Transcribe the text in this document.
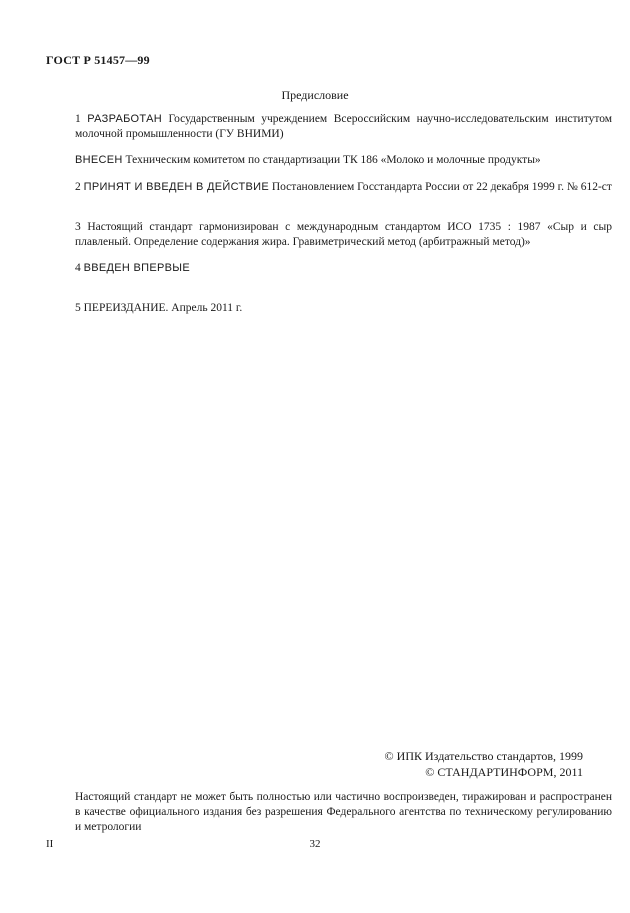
ГОСТ Р 51457—99
Предисловие
1 РАЗРАБОТАН Государственным учреждением Всероссийским научно-исследовательским институтом молочной промышленности (ГУ ВНИМИ)
ВНЕСЕН Техническим комитетом по стандартизации ТК 186 «Молоко и молочные продукты»
2 ПРИНЯТ И ВВЕДЕН В ДЕЙСТВИЕ Постановлением Госстандарта России от 22 декабря 1999 г. № 612-ст
3 Настоящий стандарт гармонизирован с международным стандартом ИСО 1735 : 1987 «Сыр и сыр плавленый. Определение содержания жира. Гравиметрический метод (арбитражный метод)»
4 ВВЕДЕН ВПЕРВЫЕ
5 ПЕРЕИЗДАНИЕ. Апрель 2011 г.
© ИПК Издательство стандартов, 1999
© СТАНДАРТИНФОРМ, 2011
Настоящий стандарт не может быть полностью или частично воспроизведен, тиражирован и распространен в качестве официального издания без разрешения Федерального агентства по техническому регулированию и метрологии
II	32
